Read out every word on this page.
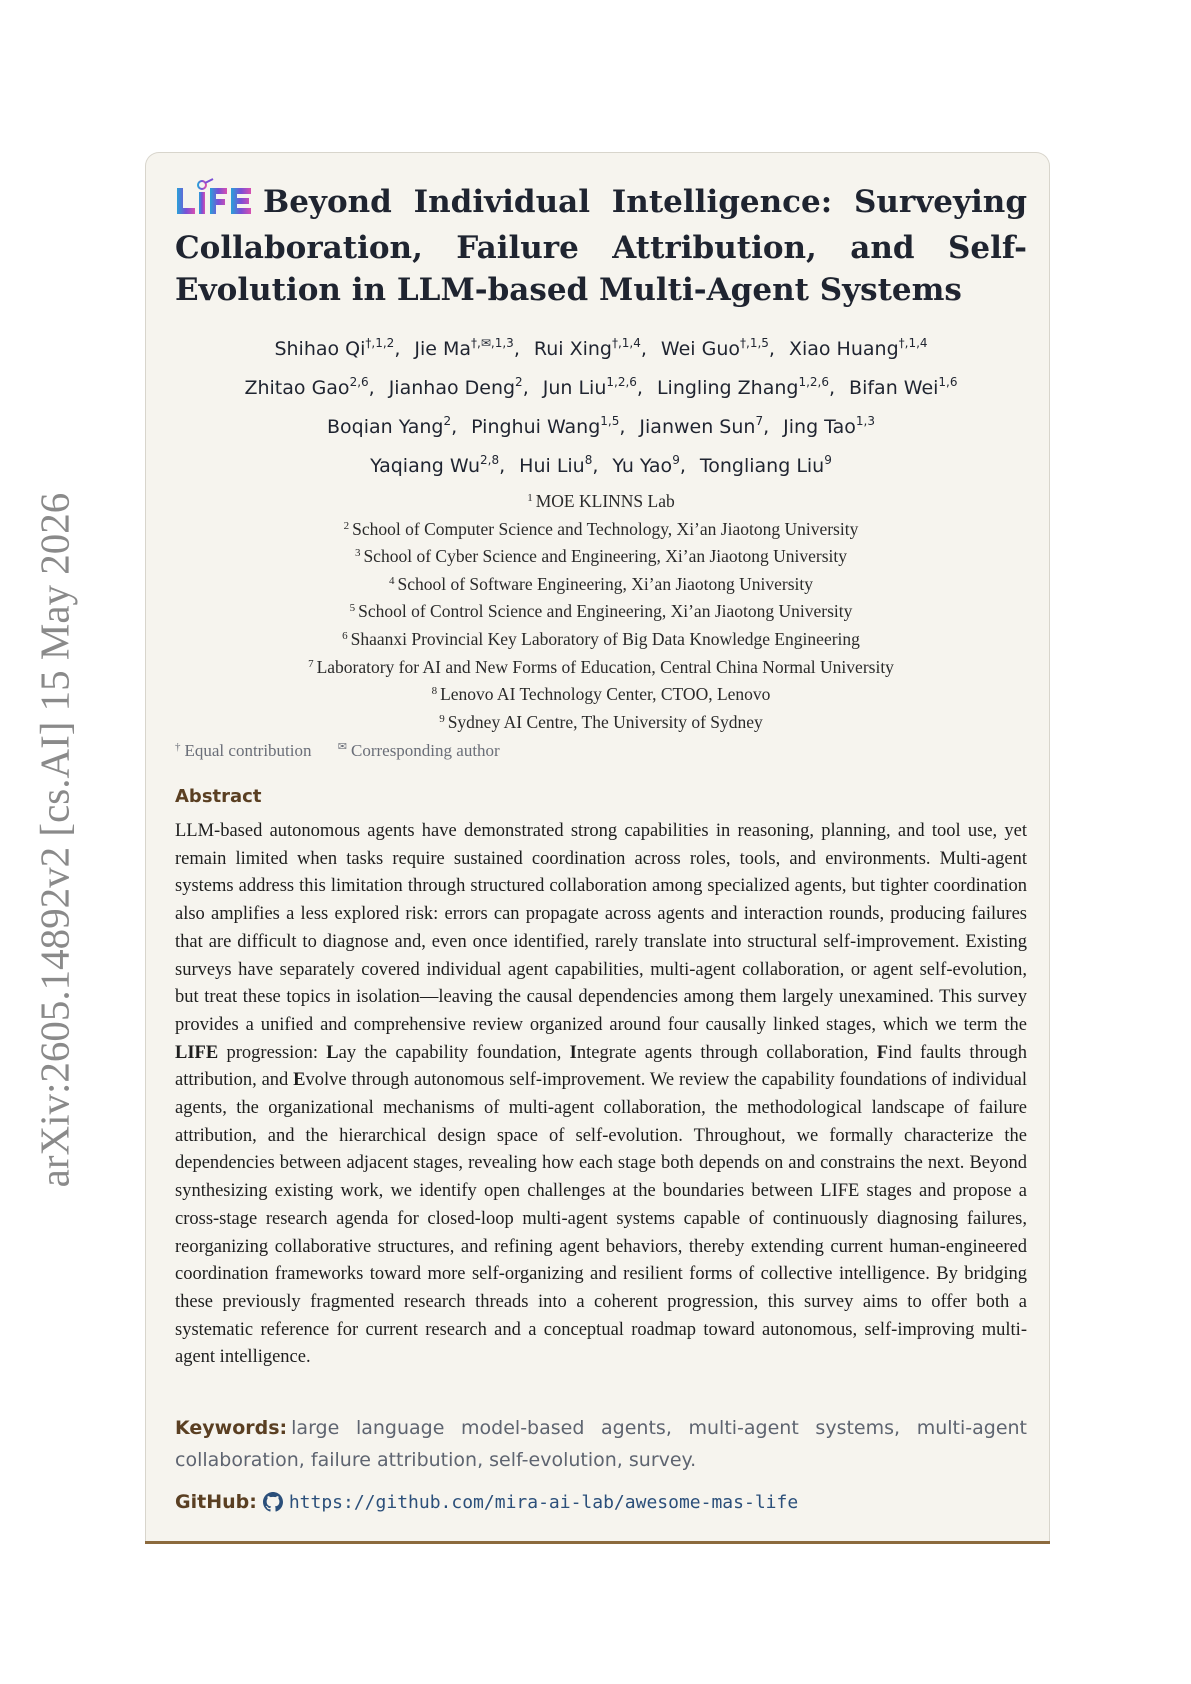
arXiv:2605.14892v2 [cs.AI] 15 May 2026
Beyond Individual Intelligence: Surveying Collaboration, Failure Attribution, and Self-Evolution in LLM-based Multi-Agent Systems
Shihao $Qi^{\dagger,1,2}$, Jie $Ma^{\dagger,✉,1,3}$, Rui Xing$^{\dagger,1,4}$, Wei Guo$^{\dagger,1,5}$, Xiao Huang$^{\dagger,1,4}$
Zhitao Gao$^{2,6}$, Jianhao Deng$^2$, Jun Liu$^{1,2,6}$, Lingling Zhang$^{1,2,6}$, Bifan Wei$^{1,6}$
Boqian Yang$^2$, Pinghui Wang$^{1,5}$, Jianwen Sun$^7$, Jing Tao$^{1,3}$
Yaqiang Wu$^{2,8}$, Hui Liu$^8$, Yu Yao$^9$, Tongliang Liu$^9$
$^1$ MOE KLINNS Lab
$^2$ School of Computer Science and Technology, Xi’an Jiaotong University
$^3$ School of Cyber Science and Engineering, Xi’an Jiaotong University
$^4$ School of Software Engineering, Xi’an Jiaotong University
$^5$ School of Control Science and Engineering, Xi’an Jiaotong University
$^6$ Shaanxi Provincial Key Laboratory of Big Data Knowledge Engineering
$^7$ Laboratory for AI and New Forms of Education, Central China Normal University
$^8$ Lenovo AI Technology Center, CTOO, Lenovo
$^9$ Sydney AI Centre, The University of Sydney
† Equal contribution ✉ Corresponding author
Abstract

LLM-based autonomous agents have demonstrated strong capabilities in reasoning, planning, and tool use, yet remain limited when tasks require sustained coordination across roles, tools, and environments. Multi-agent systems address this limitation through structured collaboration among specialized agents, but tighter coordination also amplifies a less explored risk: errors can propagate across agents and interaction rounds, producing failures that are difficult to diagnose and, even once identified, rarely translate into structural self-improvement. Existing surveys have separately covered individual agent capabilities, multi-agent collaboration, or agent self-evolution, but treat these topics in isolation—leaving the causal dependencies among them largely unexamined. This survey provides a unified and comprehensive review organized around four causally linked stages, which we term the LIFE progression: Lay the capability foundation, Integrate agents through collaboration, Find faults through attribution, and Evolve through autonomous self-improvement. We review the capability foundations of individual agents, the organizational mechanisms of multi-agent collaboration, the methodological landscape of failure attribution, and the hierarchical design space of self-evolution. Throughout, we formally characterize the dependencies between adjacent stages, revealing how each stage both depends on and constrains the next. Beyond synthesizing existing work, we identify open challenges at the boundaries between LIFE stages and propose a cross-stage research agenda for closed-loop multi-agent systems capable of continuously diagnosing failures, reorganizing collaborative structures, and refining agent behaviors, thereby extending current human-engineered coordination frameworks toward more self-organizing and resilient forms of collective intelligence. By bridging these previously fragmented research threads into a coherent progression, this survey aims to offer both a systematic reference for current research and a conceptual roadmap toward autonomous, self-improving multi-agent intelligence.

Keywords: large language model-based agents, multi-agent systems, multi-agent collaboration, failure attribution, self-evolution, survey.

GitHub: https://github.com/mira-ai-lab/awesome-mas-life
